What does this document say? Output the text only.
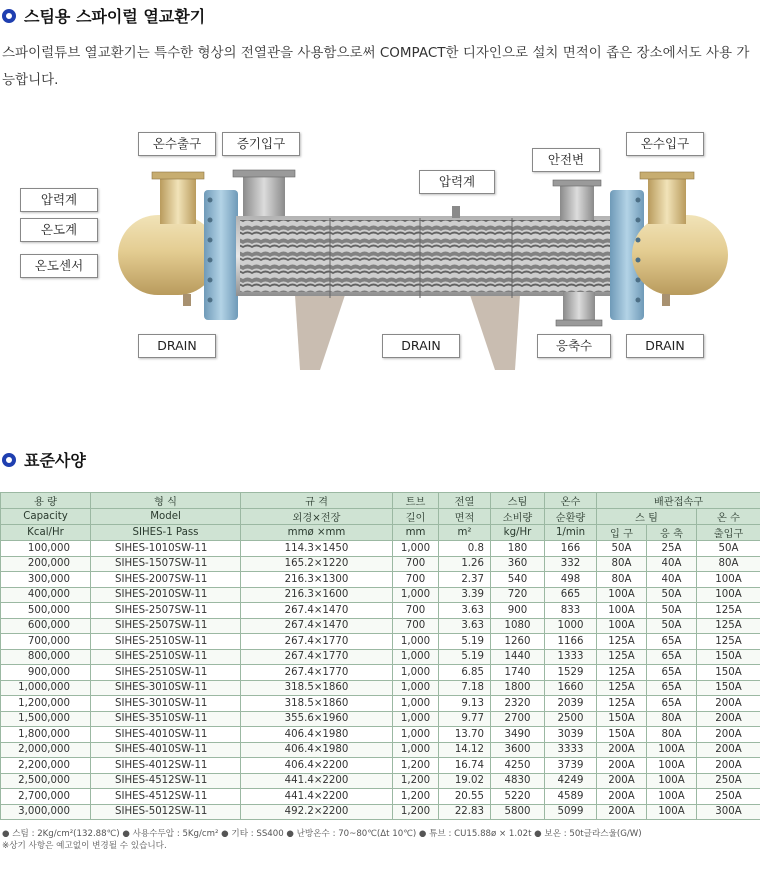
스팀용 스파이럴 열교환기

스파이럴튜브 열교환기는 특수한 형상의 전열관을 사용함으로써 COMPACT한 디자인으로 설치 면적이 좁은 장소에서도 사용 가능합니다.

온수출구	증기입구
압력계
안전변
온수입구
압력계
온도계
온도센서
DRAIN	DRAIN	응축수	DRAIN
표준사양
용 량	형 식	규 격	트브	전열	스팀	온수	배관접속구		
Capacity	Model	외경×전장	길이	면적	소비량	순환량	스 팀		온 수
Kcal/Hr	SIHES-1 Pass	mmø ×mm	mm	m²	kg/Hr	1/min	입 구	응 축	출입구
100,000	SIHES-1010SW-11	114.3×1450	1,000	0.8	180	166	50A	25A	50A
200,000	SIHES-1507SW-11	165.2×1220	700	1.26	360	332	80A	40A	80A
300,000	SIHES-2007SW-11	216.3×1300	700	2.37	540	498	80A	40A	100A
400,000	SIHES-2010SW-11	216.3×1600	1,000	3.39	720	665	100A	50A	100A
500,000	SIHES-2507SW-11	267.4×1470	700	3.63	900	833	100A	50A	125A
600,000	SIHES-2507SW-11	267.4×1470	700	3.63	1080	1000	100A	50A	125A
700,000	SIHES-2510SW-11	267.4×1770	1,000	5.19	1260	1166	125A	65A	125A
800,000	SIHES-2510SW-11	267.4×1770	1,000	5.19	1440	1333	125A	65A	150A
900,000	SIHES-2510SW-11	267.4×1770	1,000	6.85	1740	1529	125A	65A	150A
1,000,000	SIHES-3010SW-11	318.5×1860	1,000	7.18	1800	1660	125A	65A	150A
1,200,000	SIHES-3010SW-11	318.5×1860	1,000	9.13	2320	2039	125A	65A	200A
1,500,000	SIHES-3510SW-11	355.6×1960	1,000	9.77	2700	2500	150A	80A	200A
1,800,000	SIHES-4010SW-11	406.4×1980	1,000	13.70	3490	3039	150A	80A	200A
2,000,000	SIHES-4010SW-11	406.4×1980	1,000	14.12	3600	3333	200A	100A	200A
2,200,000	SIHES-4012SW-11	406.4×2200	1,200	16.74	4250	3739	200A	100A	200A
2,500,000	SIHES-4512SW-11	441.4×2200	1,200	19.02	4830	4249	200A	100A	250A
2,700,000	SIHES-4512SW-11	441.4×2200	1,200	20.55	5220	4589	200A	100A	250A
3,000,000	SIHES-5012SW-11	492.2×2200	1,200	22.83	5800	5099	200A	100A	300A
● 스팀 : 2Kg/cm²(132.88℃) ● 사용수두압 : 5Kg/cm² ● 기타 : SS400 ● 난방온수 : 70~80℃(Δt 10℃) ● 튜브 : CU15.88ø × 1.02t ● 보온 : 50t글라스울(G/W)
※상기 사항은 예고없이 변경될 수 있습니다.
